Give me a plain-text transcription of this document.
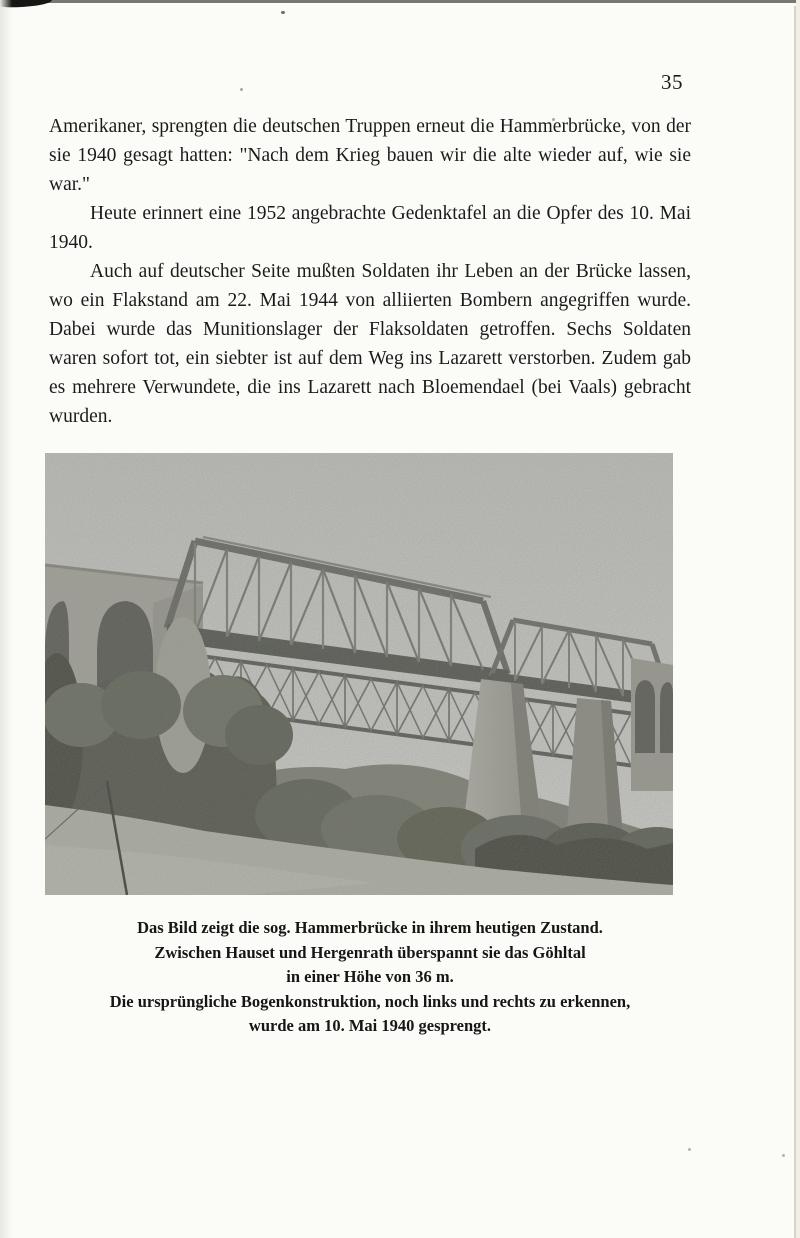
35

Amerikaner, sprengten die deutschen Truppen erneut die Hammerbrücke, von der sie 1940 gesagt hatten: "Nach dem Krieg bauen wir die alte wieder auf, wie sie war."

Heute erinnert eine 1952 angebrachte Gedenktafel an die Opfer des 10. Mai 1940.

Auch auf deutscher Seite mußten Soldaten ihr Leben an der Brücke lassen, wo ein Flakstand am 22. Mai 1944 von alliierten Bombern angegriffen wurde. Dabei wurde das Munitionslager der Flaksoldaten getroffen. Sechs Soldaten waren sofort tot, ein siebter ist auf dem Weg ins Lazarett verstorben. Zudem gab es mehrere Verwundete, die ins Lazarett nach Bloemendael (bei Vaals) gebracht wurden.

Das Bild zeigt die sog. Hammerbrücke in ihrem heutigen Zustand.
Zwischen Hauset und Hergenrath überspannt sie das Göhltal
in einer Höhe von 36 m.
Die ursprüngliche Bogenkonstruktion, noch links und rechts zu erkennen,
wurde am 10. Mai 1940 gesprengt.
